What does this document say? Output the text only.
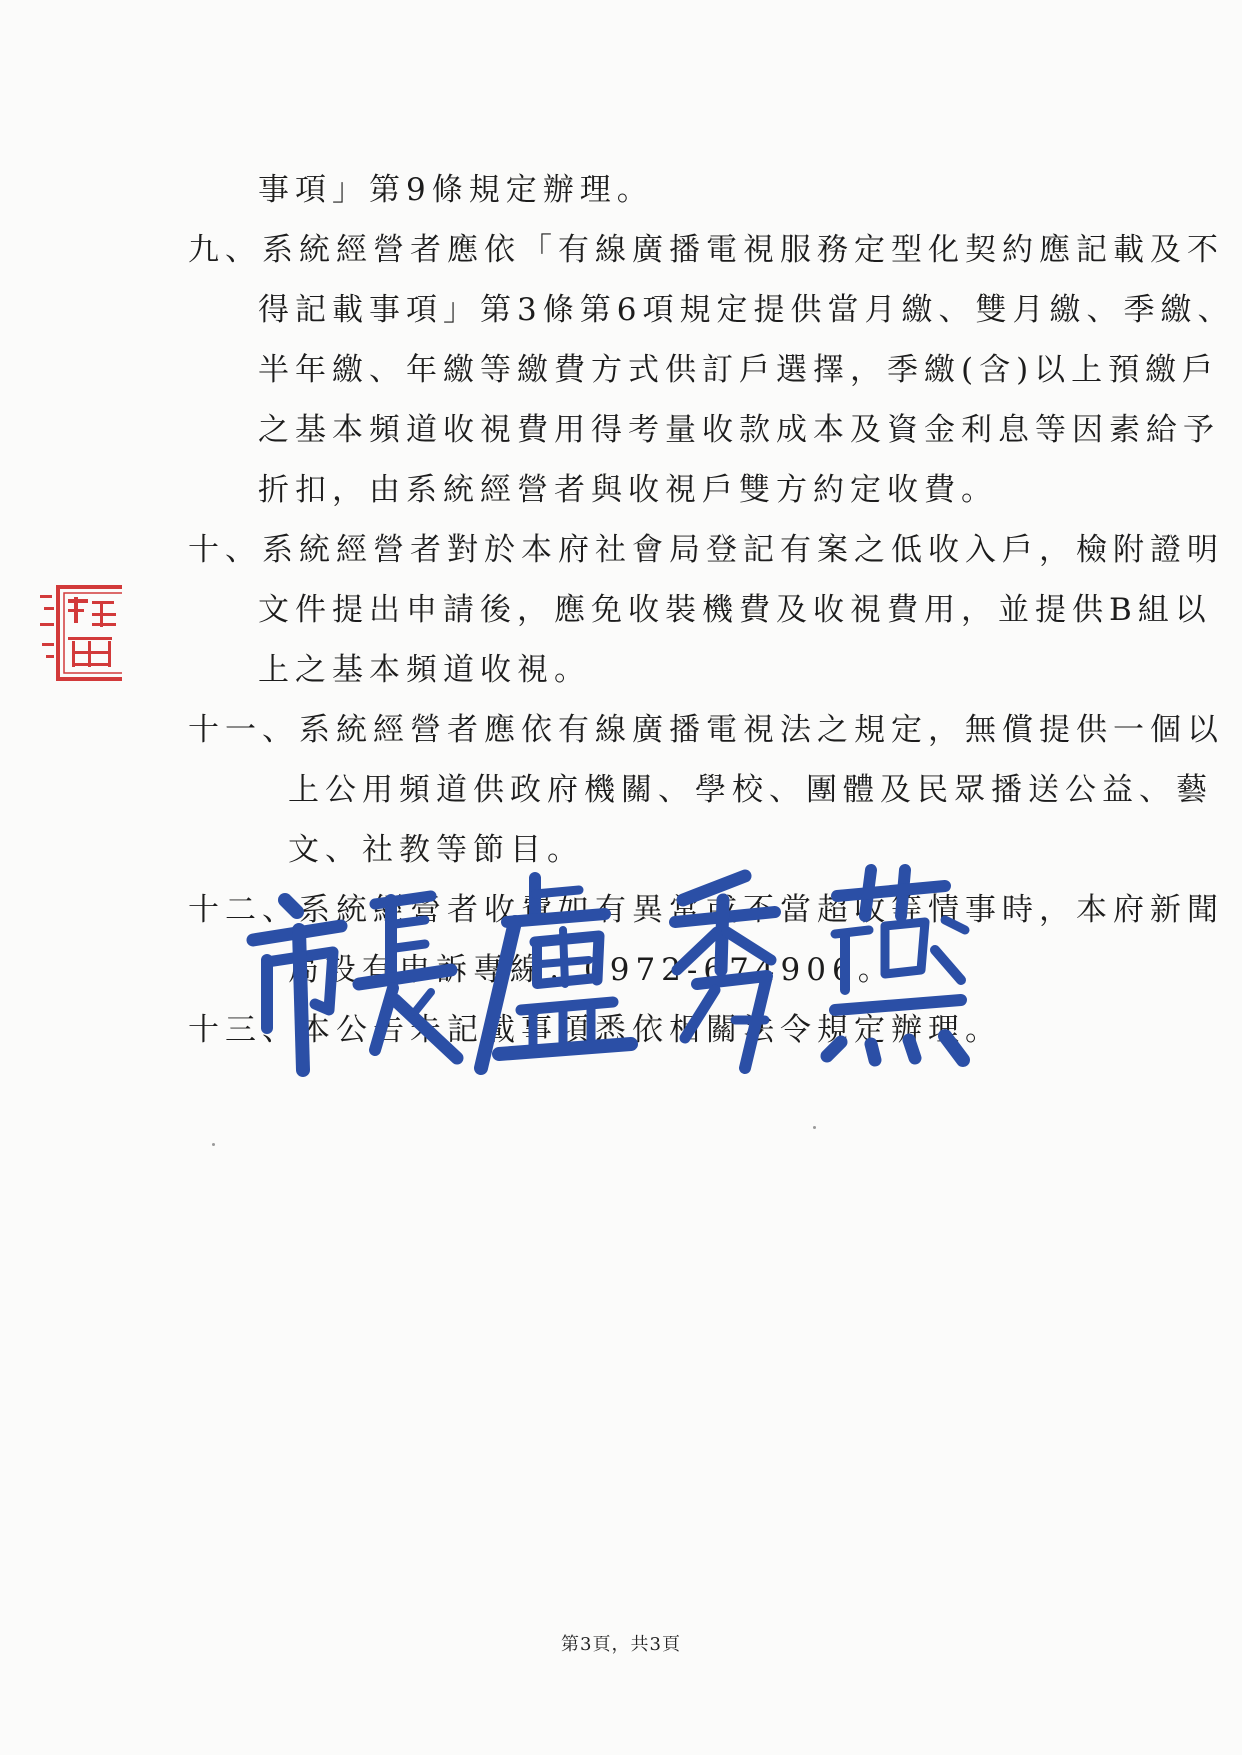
事項」第9條規定辦理。
九、系統經營者應依「有線廣播電視服務定型化契約應記載及不
得記載事項」第3條第6項規定提供當月繳、雙月繳、季繳、
半年繳、年繳等繳費方式供訂戶選擇，季繳(含)以上預繳戶
之基本頻道收視費用得考量收款成本及資金利息等因素給予
折扣，由系統經營者與收視戶雙方約定收費。
十、系統經營者對於本府社會局登記有案之低收入戶，檢附證明
文件提出申請後，應免收裝機費及收視費用，並提供B組以
上之基本頻道收視。
十一、系統經營者應依有線廣播電視法之規定，無償提供一個以
上公用頻道供政府機關、學校、團體及民眾播送公益、藝
文、社教等節目。
十二、系統經營者收費如有異常或不當超收等情事時，本府新聞
局設有申訴專線：0972-674906。
十三、本公告未記載事項悉依相關法令規定辦理。
第3頁，共3頁
